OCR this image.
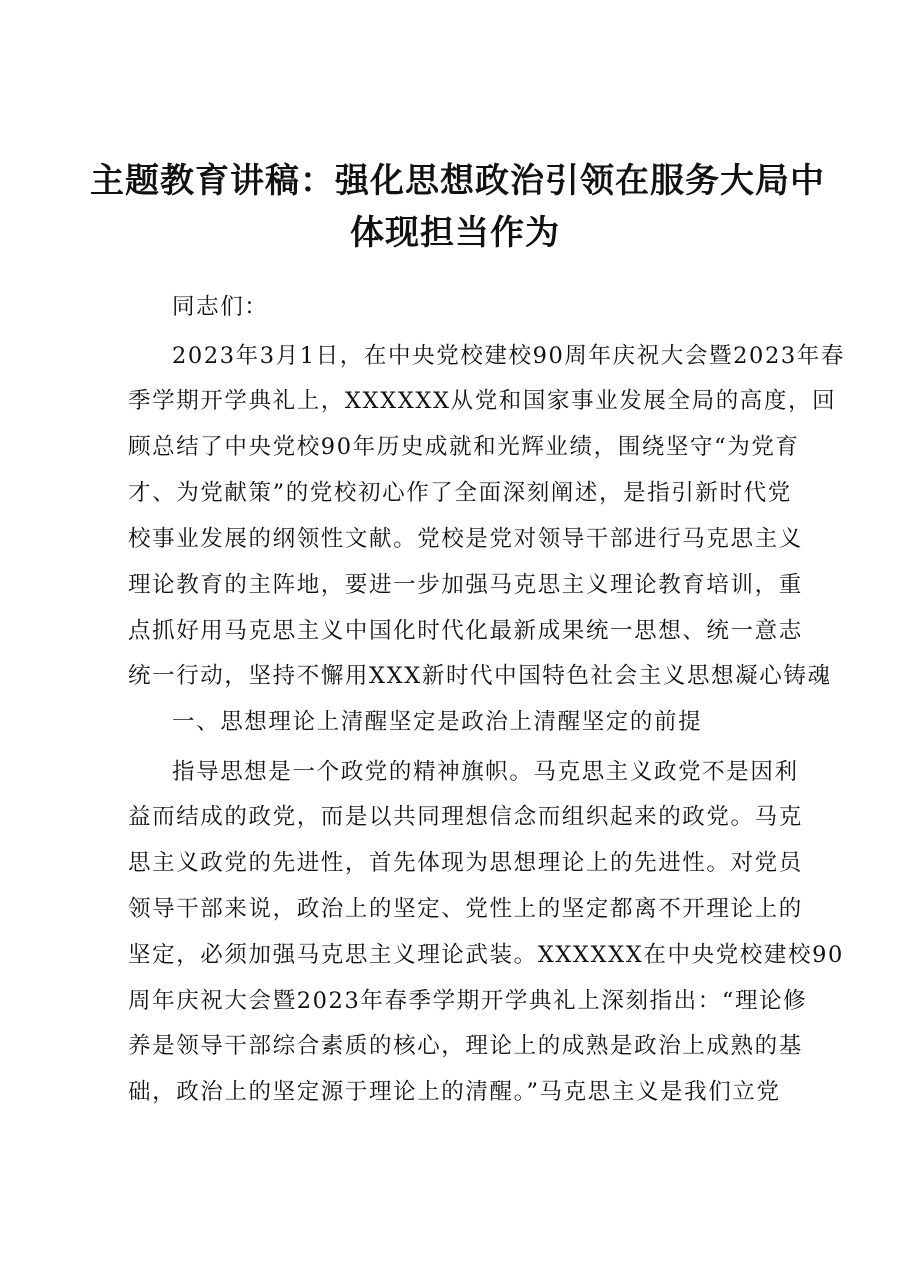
主题教育讲稿：强化思想政治引领在服务大局中
体现担当作为
同志们：
2023年3月1日，在中央党校建校90周年庆祝大会暨2023年春
季学期开学典礼上，XXXXXX从党和国家事业发展全局的高度，回
顾总结了中央党校90年历史成就和光辉业绩，围绕坚守“为党育
才、为党献策”的党校初心作了全面深刻阐述，是指引新时代党
校事业发展的纲领性文献。党校是党对领导干部进行马克思主义
理论教育的主阵地，要进一步加强马克思主义理论教育培训，重
点抓好用马克思主义中国化时代化最新成果统一思想、统一意志
统一行动，坚持不懈用XXX新时代中国特色社会主义思想凝心铸魂
一、思想理论上清醒坚定是政治上清醒坚定的前提
指导思想是一个政党的精神旗帜。马克思主义政党不是因利
益而结成的政党，而是以共同理想信念而组织起来的政党。马克
思主义政党的先进性，首先体现为思想理论上的先进性。对党员
领导干部来说，政治上的坚定、党性上的坚定都离不开理论上的
坚定，必须加强马克思主义理论武装。XXXXXX在中央党校建校90
周年庆祝大会暨2023年春季学期开学典礼上深刻指出：“理论修
养是领导干部综合素质的核心，理论上的成熟是政治上成熟的基
础，政治上的坚定源于理论上的清醒。”马克思主义是我们立党
